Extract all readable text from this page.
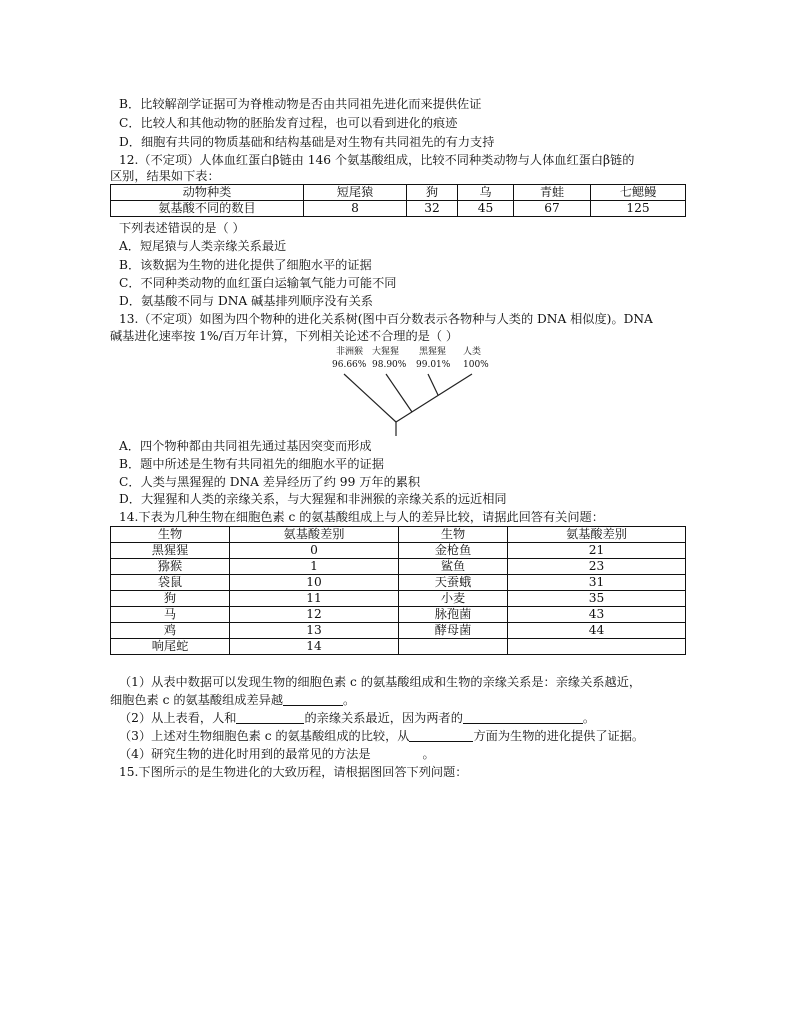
B．比较解剖学证据可为脊椎动物是否由共同祖先进化而来提供佐证
C．比较人和其他动物的胚胎发育过程，也可以看到进化的痕迹
D．细胞有共同的物质基础和结构基础是对生物有共同祖先的有力支持
12.（不定项）人体血红蛋白β链由 146 个氨基酸组成，比较不同种类动物与人体血红蛋白β链的
区别，结果如下表：
动物种类	短尾猿	狗	乌	青蛙	七鳃鳗
氨基酸不同的数目	8	32	45	67	125
下列表述错误的是（ ）
A．短尾猿与人类亲缘关系最近
B．该数据为生物的进化提供了细胞水平的证据
C．不同种类动物的血红蛋白运输氧气能力可能不同
D．氨基酸不同与 DNA 碱基排列顺序没有关系
13.（不定项）如图为四个物种的进化关系树(图中百分数表示各物种与人类的 DNA 相似度)。DNA
碱基进化速率按 1%/百万年计算，下列相关论述不合理的是（ ）
非洲猴 大猩猩 黑猩猩 人类
96.66% 98.90% 99.01% 100%
A．四个物种都由共同祖先通过基因突变而形成
B．题中所述是生物有共同祖先的细胞水平的证据
C．人类与黑猩猩的 DNA 差异经历了约 99 万年的累积
D．大猩猩和人类的亲缘关系，与大猩猩和非洲猴的亲缘关系的远近相同
14.下表为几种生物在细胞色素 c 的氨基酸组成上与人的差异比较，请据此回答有关问题：
生物	氨基酸差别	生物	氨基酸差别
黑猩猩	0	金枪鱼	21
猕猴	1	鲨鱼	23
袋鼠	10	天蚕蛾	31
狗	11	小麦	35
马	12	脉孢菌	43
鸡	13	酵母菌	44
响尾蛇	14		
（1）从表中数据可以发现生物的细胞色素 c 的氨基酸组成和生物的亲缘关系是：亲缘关系越近，
细胞色素 c 的氨基酸组成差异越	。
（2）从上表看，人和	的亲缘关系最近，因为两者的	。
（3）上述对生物细胞色素 c 的氨基酸组成的比较，从	方面为生物的进化提供了证据。
（4）研究生物的进化时用到的最常见的方法是	。
15.下图所示的是生物进化的大致历程，请根据图回答下列问题：
